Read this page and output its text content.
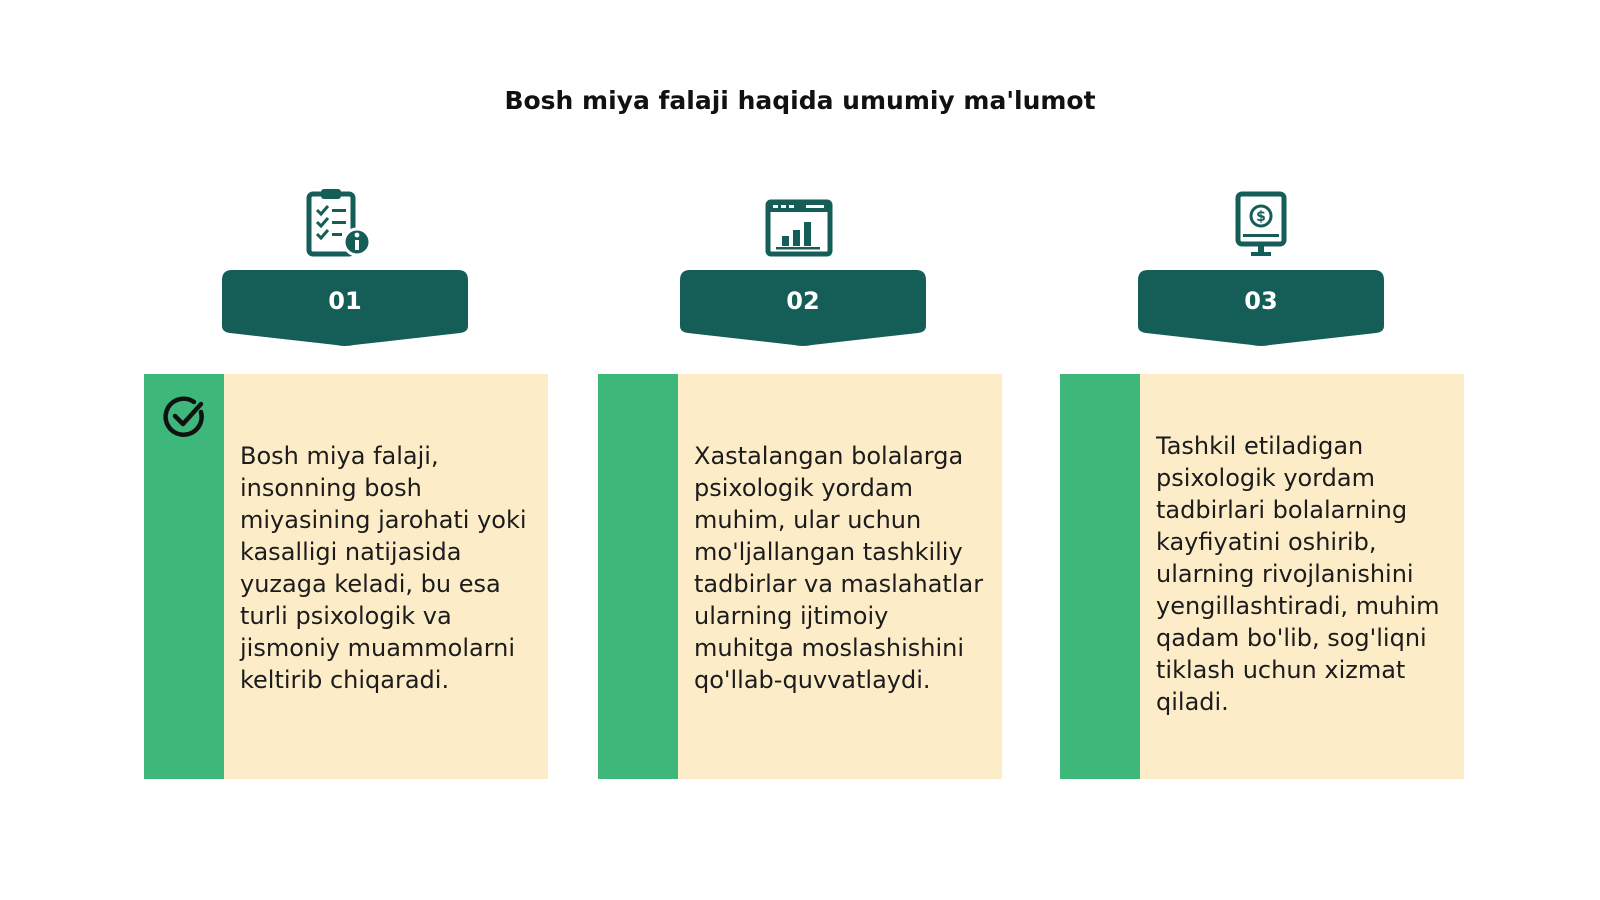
Bosh miya falaji haqida umumiy ma'lumot
01
Bosh miya falaji, insonning bosh miyasining jarohati yoki kasalligi natijasida yuzaga keladi, bu esa turli psixologik va jismoniy muammolarni keltirib chiqaradi.
02
Xastalangan bolalarga psixologik yordam muhim, ular uchun mo'ljallangan tashkiliy tadbirlar va maslahatlar ularning ijtimoiy muhitga moslashishini qo'llab-quvvatlaydi.
$
03
Tashkil etiladigan psixologik yordam tadbirlari bolalarning kayfiyatini oshirib, ularning rivojlanishini yengillashtiradi, muhim qadam bo'lib, sog'liqni tiklash uchun xizmat qiladi.
